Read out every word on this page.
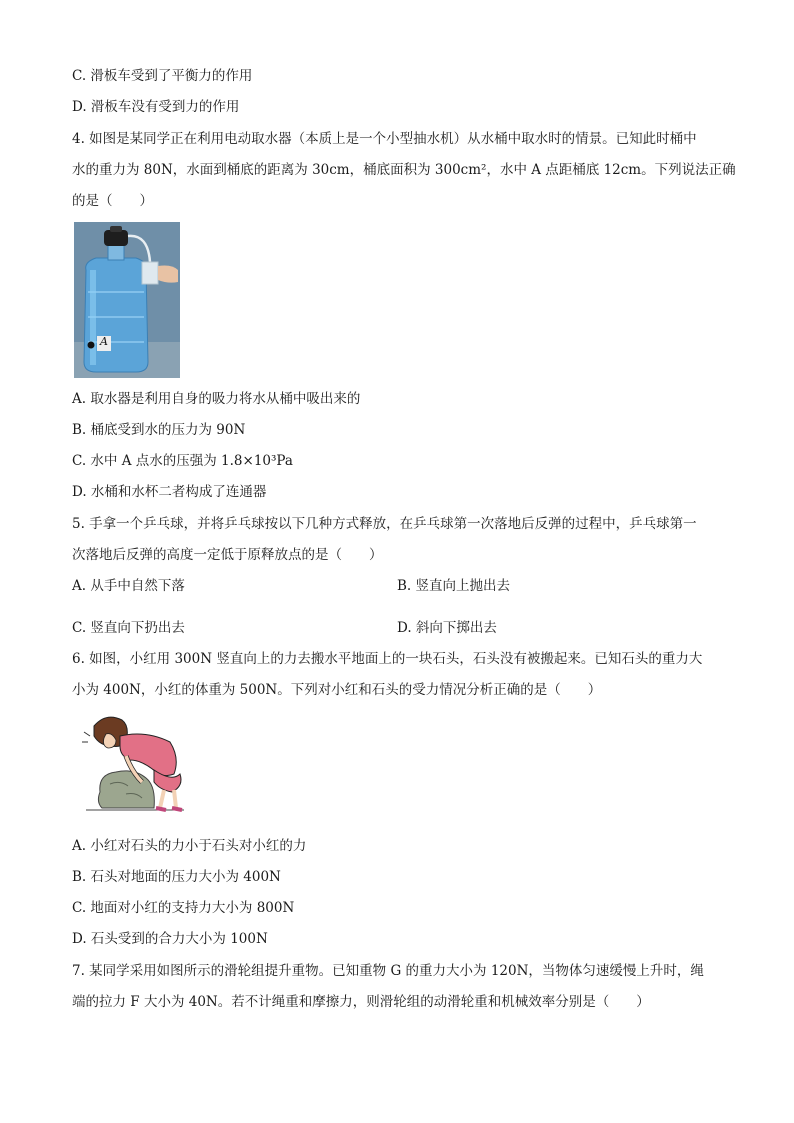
C. 滑板车受到了平衡力的作用
D. 滑板车没有受到力的作用
4. 如图是某同学正在利用电动取水器（本质上是一个小型抽水机）从水桶中取水时的情景。已知此时桶中
水的重力为 80N，水面到桶底的距离为 30cm，桶底面积为 300cm²，水中 A 点距桶底 12cm。下列说法正确
的是（　　）
A
A. 取水器是利用自身的吸力将水从桶中吸出来的
B. 桶底受到水的压力为 90N
C. 水中 A 点水的压强为 1.8×10³Pa
D. 水桶和水杯二者构成了连通器
5. 手拿一个乒乓球，并将乒乓球按以下几种方式释放，在乒乓球第一次落地后反弹的过程中，乒乓球第一
次落地后反弹的高度一定低于原释放点的是（　　）
A. 从手中自然下落	B. 竖直向上抛出去
C. 竖直向下扔出去	D. 斜向下掷出去
6. 如图，小红用 300N 竖直向上的力去搬水平地面上的一块石头，石头没有被搬起来。已知石头的重力大
小为 400N，小红的体重为 500N。下列对小红和石头的受力情况分析正确的是（　　）
A. 小红对石头的力小于石头对小红的力
B. 石头对地面的压力大小为 400N
C. 地面对小红的支持力大小为 800N
D. 石头受到的合力大小为 100N
7. 某同学采用如图所示的滑轮组提升重物。已知重物 G 的重力大小为 120N，当物体匀速缓慢上升时，绳
端的拉力 F 大小为 40N。若不计绳重和摩擦力，则滑轮组的动滑轮重和机械效率分别是（　　）
